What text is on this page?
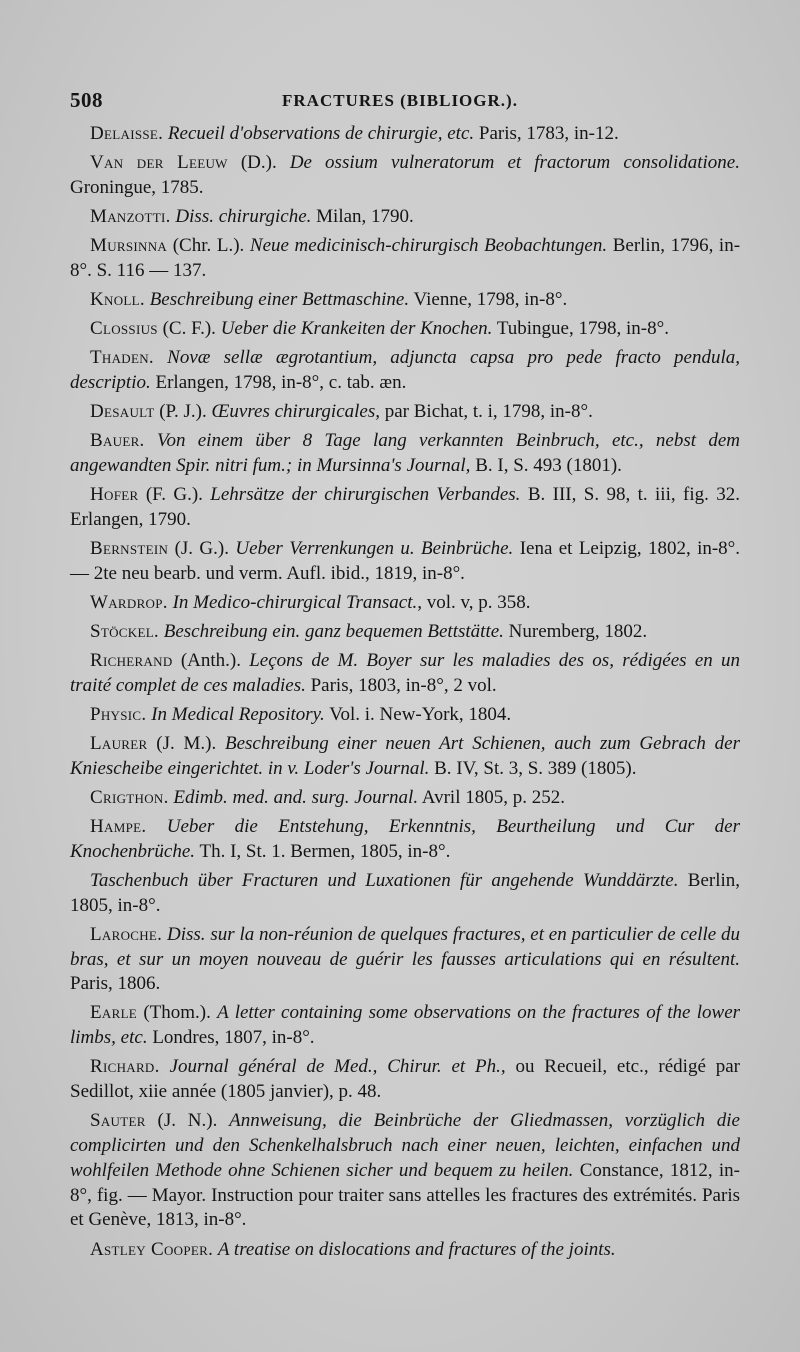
508	FRACTURES (BIBLIOGR.).

Delaisse. Recueil d'observations de chirurgie, etc. Paris, 1783, in-12.

Van der Leeuw (D.). De ossium vulneratorum et fractorum consolidatione. Groningue, 1785.

Manzotti. Diss. chirurgiche. Milan, 1790.

Mursinna (Chr. L.). Neue medicinisch-chirurgisch Beobachtungen. Berlin, 1796, in-8°. S. 116 — 137.

Knoll. Beschreibung einer Bettmaschine. Vienne, 1798, in-8°.

Clossius (C. F.). Ueber die Krankeiten der Knochen. Tubingue, 1798, in-8°.

Thaden. Novæ sellæ ægrotantium, adjuncta capsa pro pede fracto pendula, descriptio. Erlangen, 1798, in-8°, c. tab. æn.

Desault (P. J.). Œuvres chirurgicales, par Bichat, t. i, 1798, in-8°.

Bauer. Von einem über 8 Tage lang verkannten Beinbruch, etc., nebst dem angewandten Spir. nitri fum.; in Mursinna's Journal, B. I, S. 493 (1801).

Hofer (F. G.). Lehrsätze der chirurgischen Verbandes. B. III, S. 98, t. iii, fig. 32. Erlangen, 1790.

Bernstein (J. G.). Ueber Verrenkungen u. Beinbrüche. Iena et Leipzig, 1802, in-8°. — 2te neu bearb. und verm. Aufl. ibid., 1819, in-8°.

Wardrop. In Medico-chirurgical Transact., vol. v, p. 358.

Stöckel. Beschreibung ein. ganz bequemen Bettstätte. Nuremberg, 1802.

Richerand (Anth.). Leçons de M. Boyer sur les maladies des os, rédigées en un traité complet de ces maladies. Paris, 1803, in-8°, 2 vol.

Physic. In Medical Repository. Vol. i. New-York, 1804.

Laurer (J. M.). Beschreibung einer neuen Art Schienen, auch zum Gebrach der Kniescheibe eingerichtet. in v. Loder's Journal. B. IV, St. 3, S. 389 (1805).

Crigthon. Edimb. med. and. surg. Journal. Avril 1805, p. 252.

Hampe. Ueber die Entstehung, Erkenntnis, Beurtheilung und Cur der Knochenbrüche. Th. I, St. 1. Bermen, 1805, in-8°.

Taschenbuch über Fracturen und Luxationen für angehende Wunddärzte. Berlin, 1805, in-8°.

Laroche. Diss. sur la non-réunion de quelques fractures, et en particulier de celle du bras, et sur un moyen nouveau de guérir les fausses articulations qui en résultent. Paris, 1806.

Earle (Thom.). A letter containing some observations on the fractures of the lower limbs, etc. Londres, 1807, in-8°.

Richard. Journal général de Med., Chirur. et Ph., ou Recueil, etc., rédigé par Sedillot, xiie année (1805 janvier), p. 48.

Sauter (J. N.). Annweisung, die Beinbrüche der Gliedmassen, vorzüglich die complicirten und den Schenkelhalsbruch nach einer neuen, leichten, einfachen und wohlfeilen Methode ohne Schienen sicher und bequem zu heilen. Constance, 1812, in-8°, fig. — Mayor. Instruction pour traiter sans attelles les fractures des extrémités. Paris et Genève, 1813, in-8°.

Astley Cooper. A treatise on dislocations and fractures of the joints.
